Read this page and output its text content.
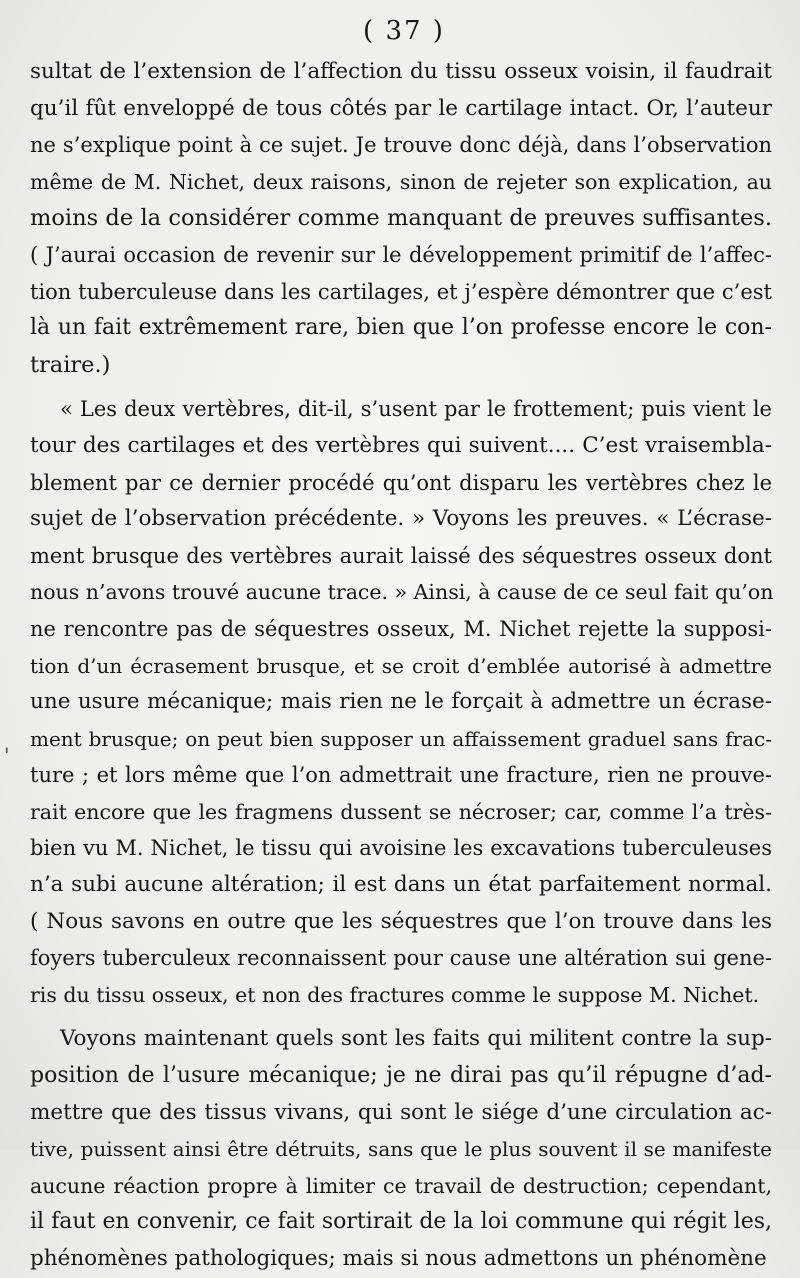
( 37 )
sultat de l’extension de l’affection du tissu osseux voisin, il faudrait
qu’il fût enveloppé de tous côtés par le cartilage intact. Or, l’auteur
ne s’explique point à ce sujet. Je trouve donc déjà, dans l’observation
même de M. Nichet, deux raisons, sinon de rejeter son explication, au
moins de la considérer comme manquant de preuves suffisantes.
( J’aurai occasion de revenir sur le développement primitif de l’affec-
tion tuberculeuse dans les cartilages, et j’espère démontrer que c’est
là un fait extrêmement rare, bien que l’on professe encore le con-
traire.)
« Les deux vertèbres, dit-il, s’usent par le frottement; puis vient le
tour des cartilages et des vertèbres qui suivent.... C’est vraisembla-
blement par ce dernier procédé qu’ont disparu les vertèbres chez le
sujet de l’observation précédente. » Voyons les preuves. « L’écrase-
ment brusque des vertèbres aurait laissé des séquestres osseux dont
nous n’avons trouvé aucune trace. » Ainsi, à cause de ce seul fait qu’on
ne rencontre pas de séquestres osseux, M. Nichet rejette la supposi-
tion d’un écrasement brusque, et se croit d’emblée autorisé à admettre
une usure mécanique; mais rien ne le forçait à admettre un écrase-
ment brusque; on peut bien supposer un affaissement graduel sans frac-
ture ; et lors même que l’on admettrait une fracture, rien ne prouve-
rait encore que les fragmens dussent se nécroser; car, comme l’a très-
bien vu M. Nichet, le tissu qui avoisine les excavations tuberculeuses
n’a subi aucune altération; il est dans un état parfaitement normal.
( Nous savons en outre que les séquestres que l’on trouve dans les
foyers tuberculeux reconnaissent pour cause une altération sui gene-
ris du tissu osseux, et non des fractures comme le suppose M. Nichet.
Voyons maintenant quels sont les faits qui militent contre la sup-
position de l’usure mécanique; je ne dirai pas qu’il répugne d’ad-
mettre que des tissus vivans, qui sont le siége d’une circulation ac-
tive, puissent ainsi être détruits, sans que le plus souvent il se manifeste
aucune réaction propre à limiter ce travail de destruction; cependant,
il faut en convenir, ce fait sortirait de la loi commune qui régit les,
phénomènes pathologiques; mais si nous admettons un phénomène
'
